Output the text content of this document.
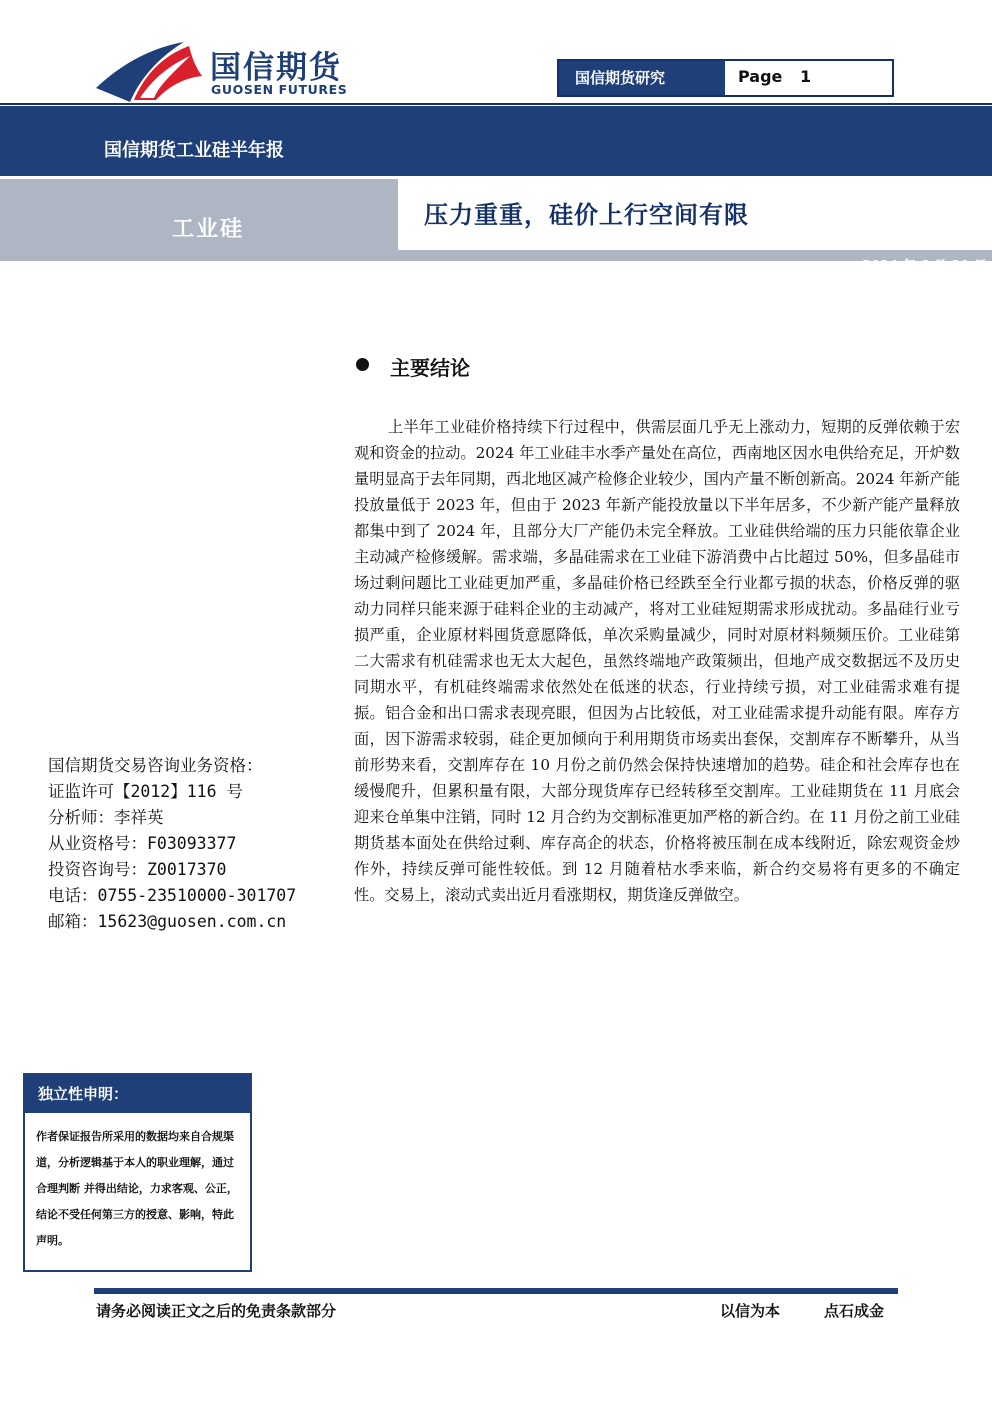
国信期货
GUOSEN FUTURES
国信期货研究	Page 1
国信期货工业硅半年报
工业硅
压力重重，硅价上行空间有限
2024 年 6 月 30 日
主要结论

上半年工业硅价格持续下行过程中，供需层面几乎无上涨动力，短期的反弹依赖于宏观和资金的拉动。2024 年工业硅丰水季产量处在高位，西南地区因水电供给充足，开炉数量明显高于去年同期，西北地区减产检修企业较少，国内产量不断创新高。2024 年新产能投放量低于 2023 年，但由于 2023 年新产能投放量以下半年居多，不少新产能产量释放都集中到了 2024 年，且部分大厂产能仍未完全释放。工业硅供给端的压力只能依靠企业主动减产检修缓解。需求端，多晶硅需求在工业硅下游消费中占比超过 50%，但多晶硅市场过剩问题比工业硅更加严重，多晶硅价格已经跌至全行业都亏损的状态，价格反弹的驱动力同样只能来源于硅料企业的主动减产，将对工业硅短期需求形成扰动。多晶硅行业亏损严重，企业原材料囤货意愿降低，单次采购量减少，同时对原材料频频压价。工业硅第二大需求有机硅需求也无太大起色，虽然终端地产政策频出，但地产成交数据远不及历史同期水平，有机硅终端需求依然处在低迷的状态，行业持续亏损，对工业硅需求难有提振。铝合金和出口需求表现亮眼，但因为占比较低，对工业硅需求提升动能有限。库存方面，因下游需求较弱，硅企更加倾向于利用期货市场卖出套保，交割库存不断攀升，从当前形势来看，交割库存在 10 月份之前仍然会保持快速增加的趋势。硅企和社会库存也在缓慢爬升，但累积量有限，大部分现货库存已经转移至交割库。工业硅期货在 11 月底会迎来仓单集中注销，同时 12 月合约为交割标准更加严格的新合约。在 11 月份之前工业硅期货基本面处在供给过剩、库存高企的状态，价格将被压制在成本线附近，除宏观资金炒作外，持续反弹可能性较低。到 12 月随着枯水季来临，新合约交易将有更多的不确定性。交易上，滚动式卖出近月看涨期权，期货逢反弹做空。

国信期货交易咨询业务资格：
证监许可【2012】116 号
分析师：李祥英
从业资格号：F03093377
投资咨询号：Z0017370
电话：0755-23510000-301707
邮箱：15623@guosen.com.cn
独立性申明：

作者保证报告所采用的数据均来自合规渠道，分析逻辑基于本人的职业理解，通过合理判断 并得出结论，力求客观、公正，结论不受任何第三方的授意、影响，特此声明。

请务必阅读正文之后的免责条款部分	以信为本	点石成金
